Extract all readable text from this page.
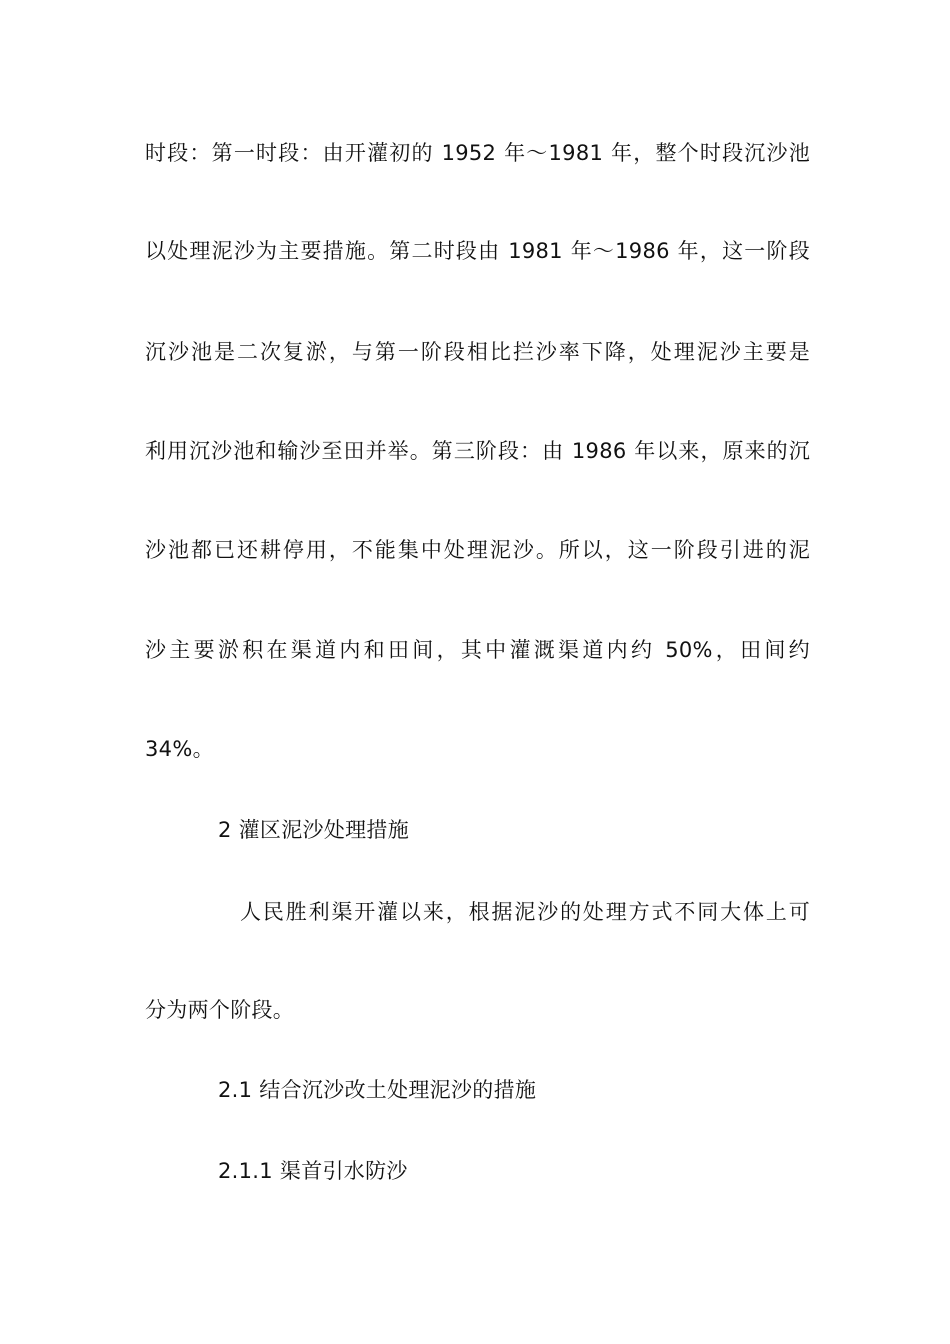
时段：第一时段：由开灌初的 1952 年～1981 年，整个时段沉沙池
以处理泥沙为主要措施。第二时段由 1981 年～1986 年，这一阶段
沉沙池是二次复淤，与第一阶段相比拦沙率下降，处理泥沙主要是
利用沉沙池和输沙至田并举。第三阶段：由 1986 年以来，原来的沉
沙池都已还耕停用，不能集中处理泥沙。所以，这一阶段引进的泥
沙主要淤积在渠道内和田间，其中灌溉渠道内约 50%，田间约
34%。
2 灌区泥沙处理措施
人民胜利渠开灌以来，根据泥沙的处理方式不同大体上可
分为两个阶段。
2.1 结合沉沙改土处理泥沙的措施
2.1.1 渠首引水防沙
